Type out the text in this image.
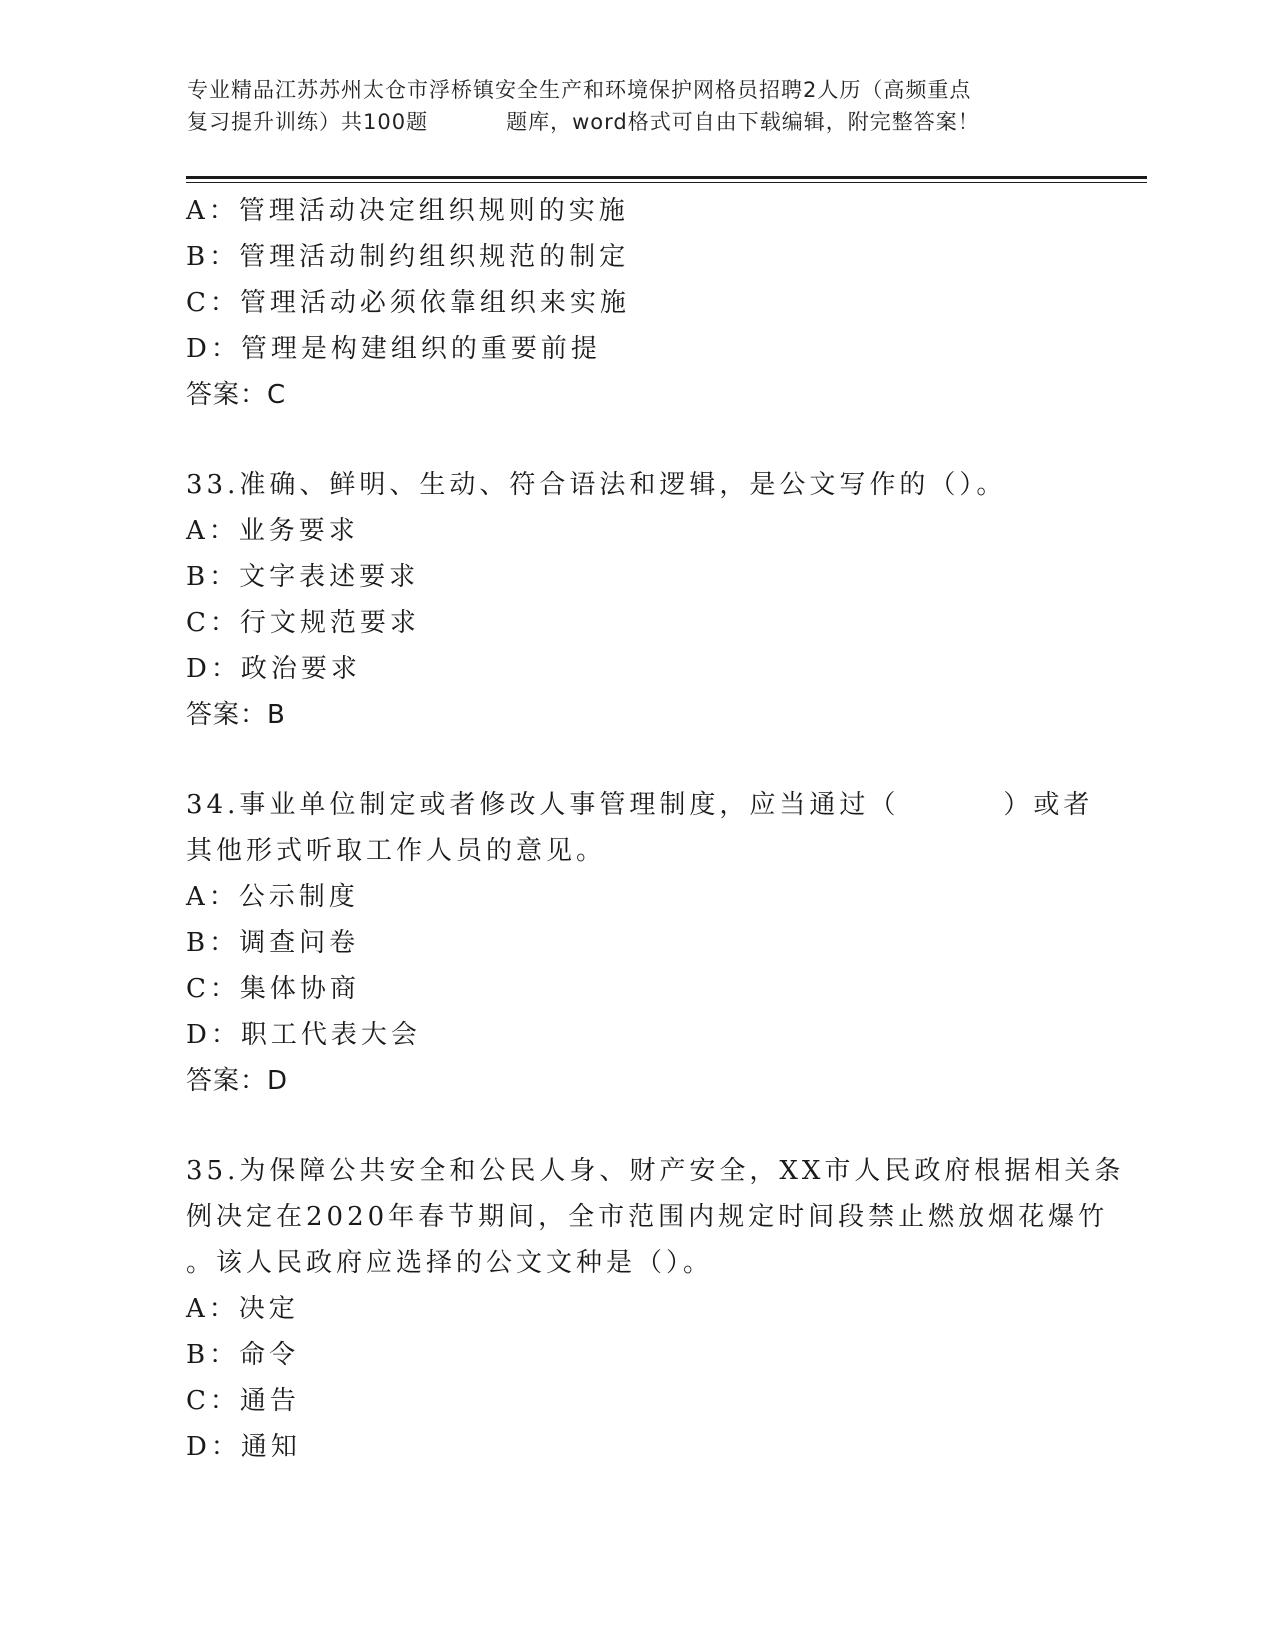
专业精品江苏苏州太仓市浮桥镇安全生产和环境保护网格员招聘2人历（高频重点
复习提升训练）共100题	题库，word格式可自由下载编辑，附完整答案！
A：管理活动决定组织规则的实施
B：管理活动制约组织规范的制定
C：管理活动必须依靠组织来实施
D：管理是构建组织的重要前提
答案：C
33.准确、鲜明、生动、符合语法和逻辑，是公文写作的（）。
A：业务要求
B：文字表述要求
C：行文规范要求
D：政治要求
答案：B
34.事业单位制定或者修改人事管理制度，应当通过（	）或者
其他形式听取工作人员的意见。
A：公示制度
B：调查问卷
C：集体协商
D：职工代表大会
答案：D
35.为保障公共安全和公民人身、财产安全，XX市人民政府根据相关条
例决定在2020年春节期间，全市范围内规定时间段禁止燃放烟花爆竹
。该人民政府应选择的公文文种是（）。
A：决定
B：命令
C：通告
D：通知
